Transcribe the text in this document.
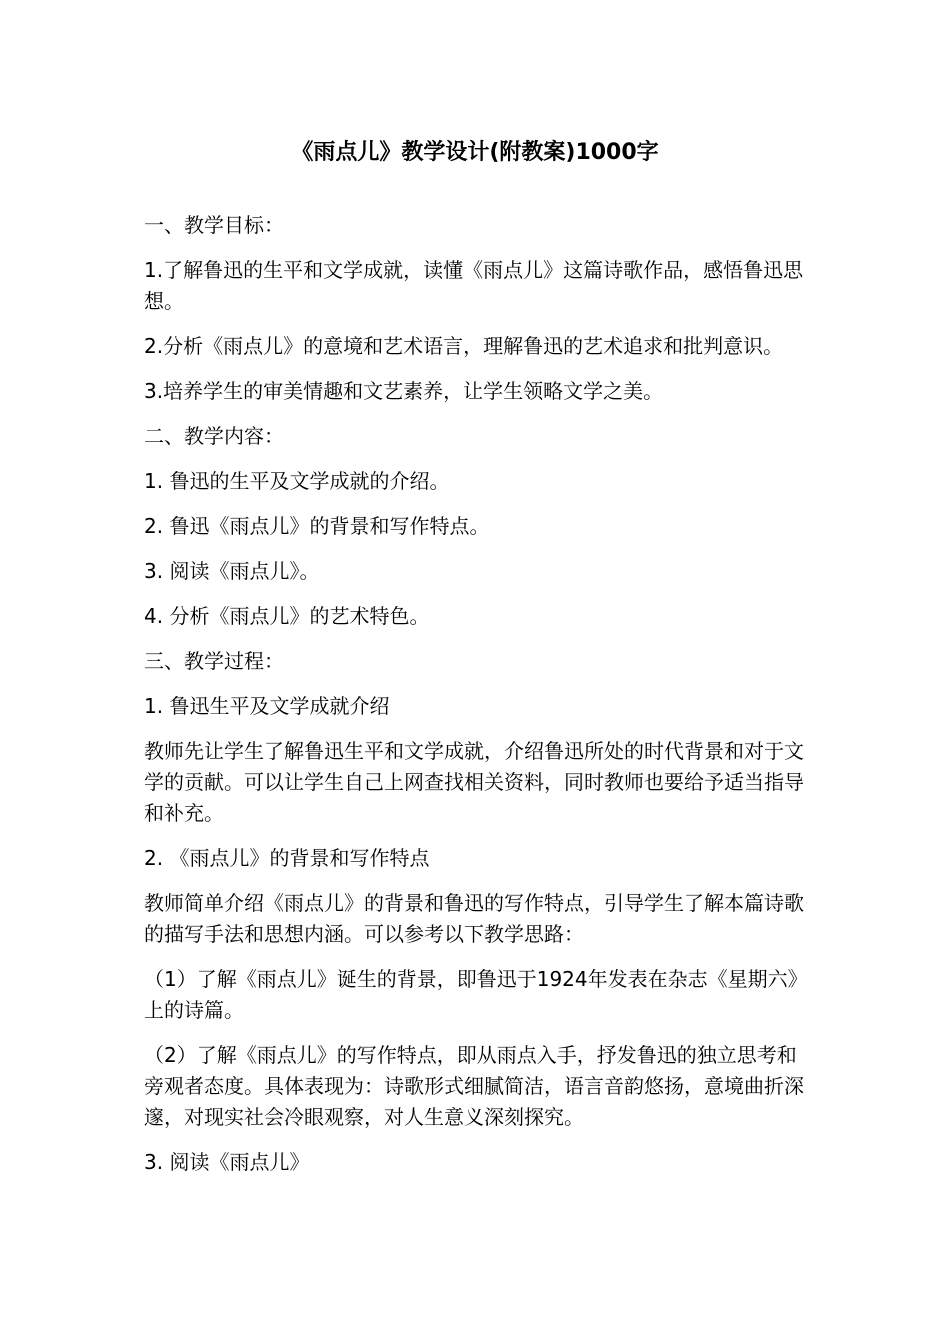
《雨点儿》教学设计(附教案)1000字

一、教学目标：

1.了解鲁迅的生平和文学成就，读懂《雨点儿》这篇诗歌作品，感悟鲁迅思想。

2.分析《雨点儿》的意境和艺术语言，理解鲁迅的艺术追求和批判意识。

3.培养学生的审美情趣和文艺素养，让学生领略文学之美。

二、教学内容：

1. 鲁迅的生平及文学成就的介绍。

2. 鲁迅《雨点儿》的背景和写作特点。

3. 阅读《雨点儿》。

4. 分析《雨点儿》的艺术特色。

三、教学过程：

1. 鲁迅生平及文学成就介绍

教师先让学生了解鲁迅生平和文学成就，介绍鲁迅所处的时代背景和对于文学的贡献。可以让学生自己上网查找相关资料，同时教师也要给予适当指导和补充。

2. 《雨点儿》的背景和写作特点

教师简单介绍《雨点儿》的背景和鲁迅的写作特点，引导学生了解本篇诗歌的描写手法和思想内涵。可以参考以下教学思路：

（1）了解《雨点儿》诞生的背景，即鲁迅于1924年发表在杂志《星期六》上的诗篇。

（2）了解《雨点儿》的写作特点，即从雨点入手，抒发鲁迅的独立思考和旁观者态度。具体表现为：诗歌形式细腻简洁，语言音韵悠扬，意境曲折深邃，对现实社会冷眼观察，对人生意义深刻探究。

3. 阅读《雨点儿》
